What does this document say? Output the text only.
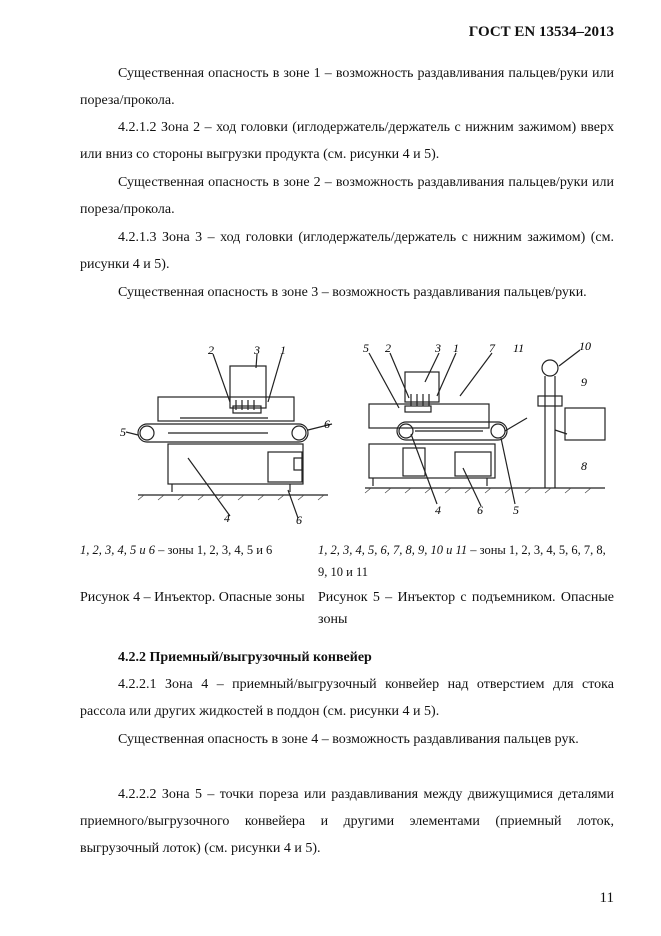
ГОСТ EN 13534–2013

Существенная опасность в зоне 1 – возможность раздавливания пальцев/руки или пореза/прокола.

4.2.1.2 Зона 2 – ход головки (иглодержатель/держатель с нижним зажимом) вверх или вниз со стороны выгрузки продукта (см. рисунки 4 и 5).

Существенная опасность в зоне 2 – возможность раздавливания пальцев/руки или пореза/прокола.

4.2.1.3 Зона 3 – ход головки (иглодержатель/держатель с нижним зажимом) (см. рисунки 4 и 5).

Существенная опасность в зоне 3 – возможность раздавливания пальцев/руки.

2	3 1
5
6
4	6
5 2	3 1	7 11	10
9
8
4	6	5
1, 2, 3, 4, 5 и 6 – зоны 1, 2, 3, 4, 5 и 6	1, 2, 3, 4, 5, 6, 7, 8, 9, 10 и 11 – зоны 1, 2, 3, 4, 5, 6, 7, 8, 9, 10 и 11
Рисунок 4 – Инъектор. Опасные зоны Рисунок 5 – Инъектор с подъемником. Опасные зоны
4.2.2 Приемный/выгрузочный конвейер

4.2.2.1 Зона 4 – приемный/выгрузочный конвейер над отверстием для стока рассола или других жидкостей в поддон (см. рисунки 4 и 5).

Существенная опасность в зоне 4 – возможность раздавливания пальцев рук.

4.2.2.2 Зона 5 – точки пореза или раздавливания между движущимися деталями приемного/выгрузочного конвейера и другими элементами (приемный лоток, выгрузочный лоток) (см. рисунки 4 и 5).

11
